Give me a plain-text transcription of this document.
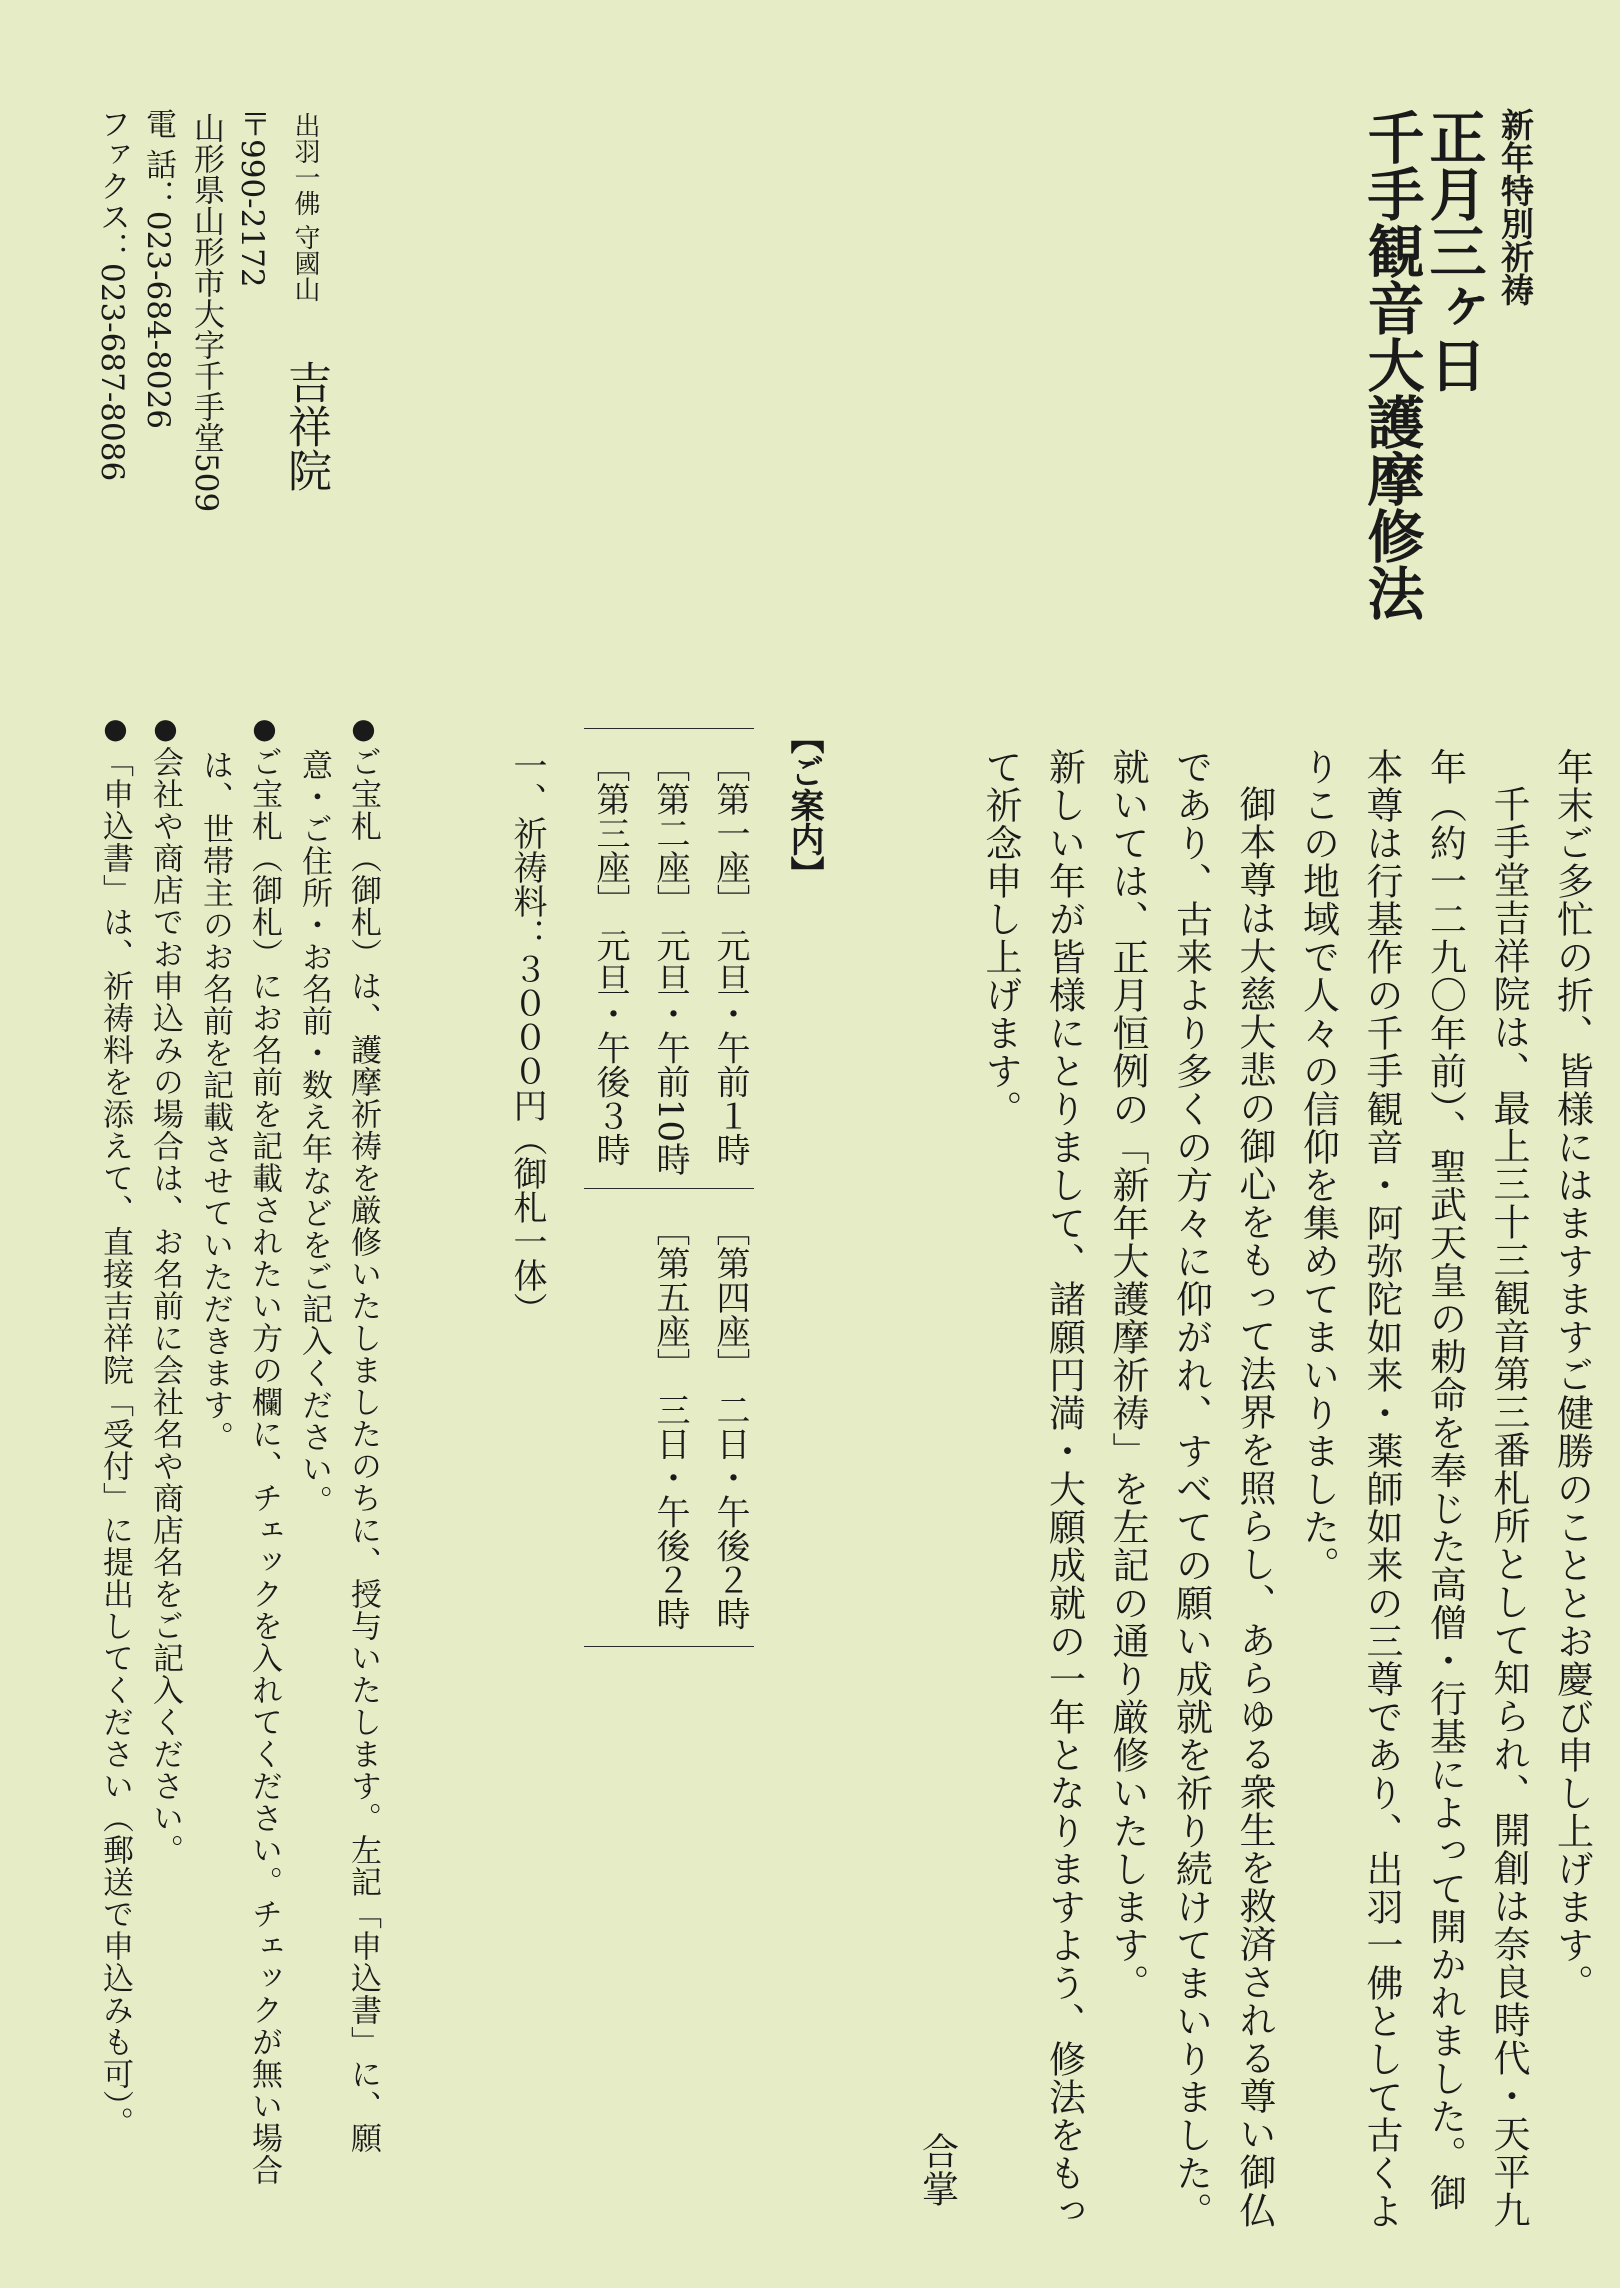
新年特別祈祷
正月三ヶ日
千手観音大護摩修法
出羽一佛 守國山
吉祥院
〒990-2172
山形県山形市大字千手堂509
電 話：023-684-8026
ファクス：023-687-8086

年末ご多忙の折、皆様にはますますご健勝のこととお慶び申し上げます。

千手堂吉祥院は、最上三十三観音第三番札所として知られ、開創は奈良時代・天平九年（約一二九〇年前）、聖武天皇の勅命を奉じた高僧・行基によって開かれました。御本尊は行基作の千手観音・阿弥陀如来・薬師如来の三尊であり、出羽一佛として古くよりこの地域で人々の信仰を集めてまいりました。

御本尊は大慈大悲の御心をもって法界を照らし、あらゆる衆生を救済される尊い御仏であり、古来より多くの方々に仰がれ、すべての願い成就を祈り続けてまいりました。

就いては、正月恒例の「新年大護摩祈祷」を左記の通り厳修いたします。

新しい年が皆様にとりまして、諸願円満・大願成就の一年となりますよう、修法をもって祈念申し上げます。

合掌

【ご案内】
［第一座］ 元旦・午前１時
［第二座］ 元旦・午前10時
［第三座］ 元旦・午後３時
［第四座］ 二日・午後２時
［第五座］ 三日・午後２時
一、祈祷料：３０００円（御札一体）

●ご宝札（御札）は、護摩祈祷を厳修いたしましたのちに、授与いたします。左記「申込書」に、願意・ご住所・お名前・数え年などをご記入ください。

●ご宝札（御札）にお名前を記載されたい方の欄に、チェックを入れてください。チェックが無い場合は、世帯主のお名前を記載させていただきます。

●会社や商店でお申込みの場合は、お名前に会社名や商店名をご記入ください。

●「申込書」は、祈祷料を添えて、直接吉祥院「受付」に提出してください（郵送で申込みも可）。
